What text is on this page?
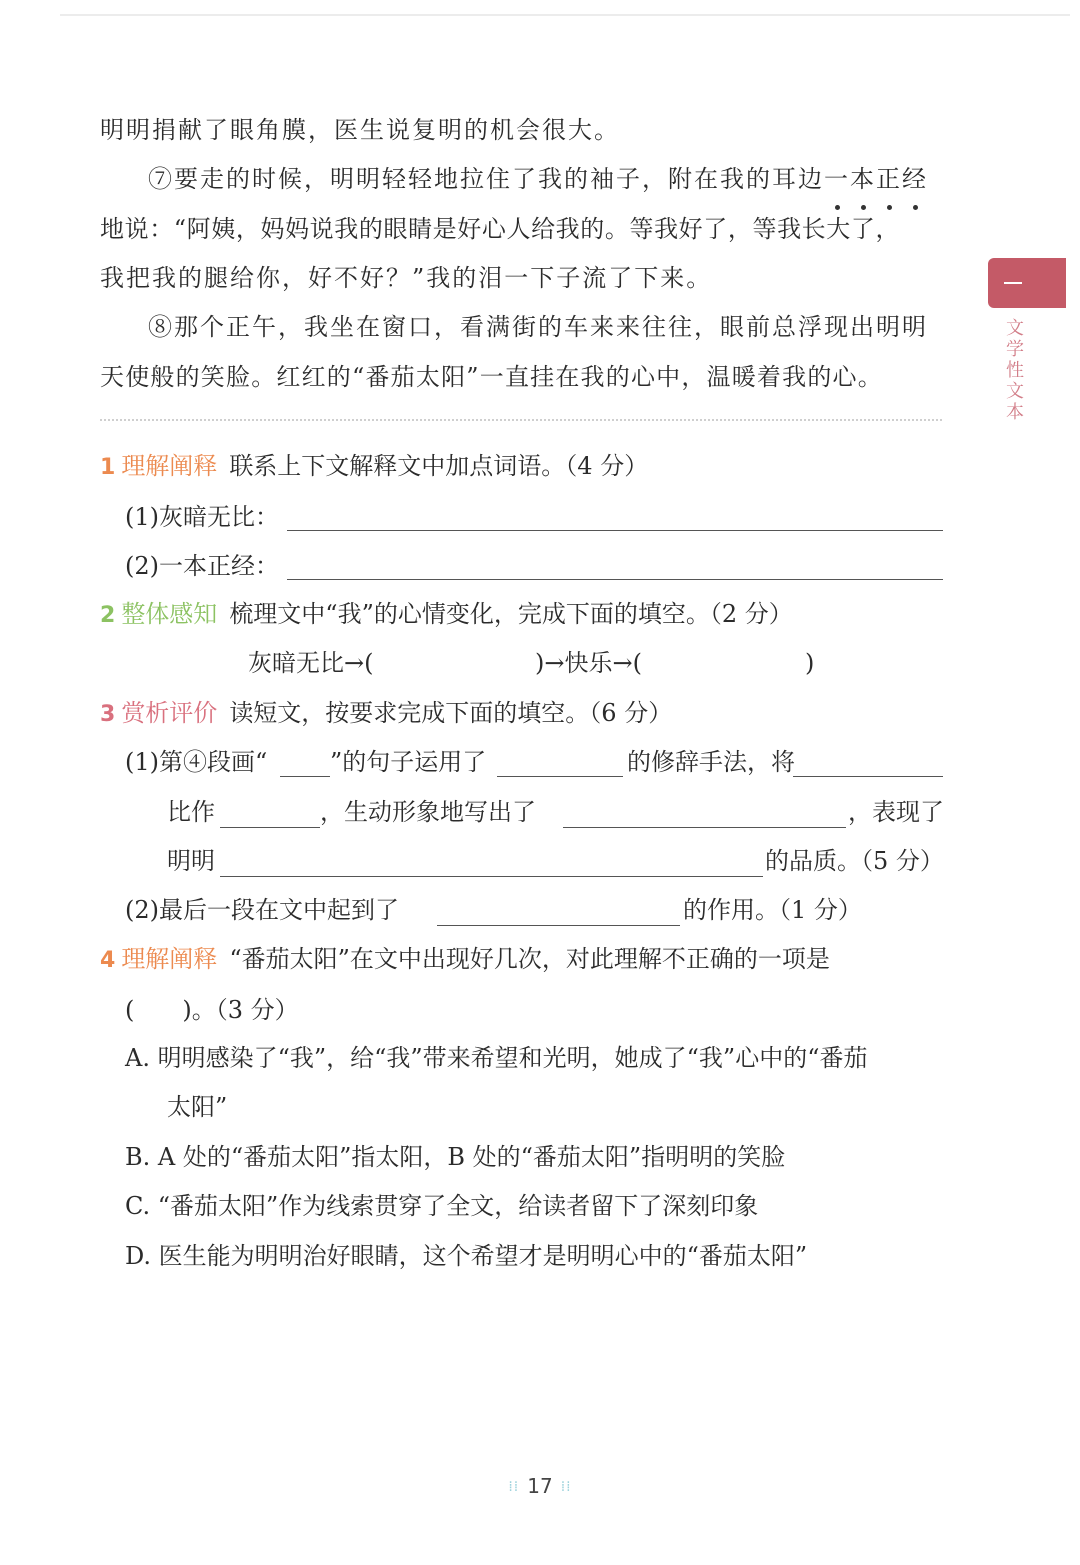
明明捐献了眼角膜，医生说复明的机会很大。
⑦要走的时候，明明轻轻地拉住了我的袖子，附在我的耳边一本正经
地说：“阿姨，妈妈说我的眼睛是好心人给我的。等我好了，等我长大了，
我把我的腿给你，好不好？”我的泪一下子流了下来。
⑧那个正午，我坐在窗口，看满街的车来来往往，眼前总浮现出明明
天使般的笑脸。红红的“番茄太阳”一直挂在我的心中，温暖着我的心。
文学性文本
1 理解阐释 联系上下文解释文中加点词语。（4 分）
(1)灰暗无比：
(2)一本正经：
2 整体感知 梳理文中“我”的心情变化，完成下面的填空。（2 分）
灰暗无比→(	)→快乐→(	)
3 赏析评价 读短文，按要求完成下面的填空。（6 分）
(1)第④段画“	”的句子运用了	的修辞手法，将
比作	，生动形象地写出了	，表现了
明明	的品质。（5 分）
(2)最后一段在文中起到了	的作用。（1 分）
4 理解阐释 “番茄太阳”在文中出现好几次，对此理解不正确的一项是
(　　)。（3 分）
A. 明明感染了“我”，给“我”带来希望和光明，她成了“我”心中的“番茄
太阳”
B. A 处的“番茄太阳”指太阳，B 处的“番茄太阳”指明明的笑脸
C. “番茄太阳”作为线索贯穿了全文，给读者留下了深刻印象
D. 医生能为明明治好眼睛，这个希望才是明明心中的“番茄太阳”
⁞⁞ 17 ⁞⁞
